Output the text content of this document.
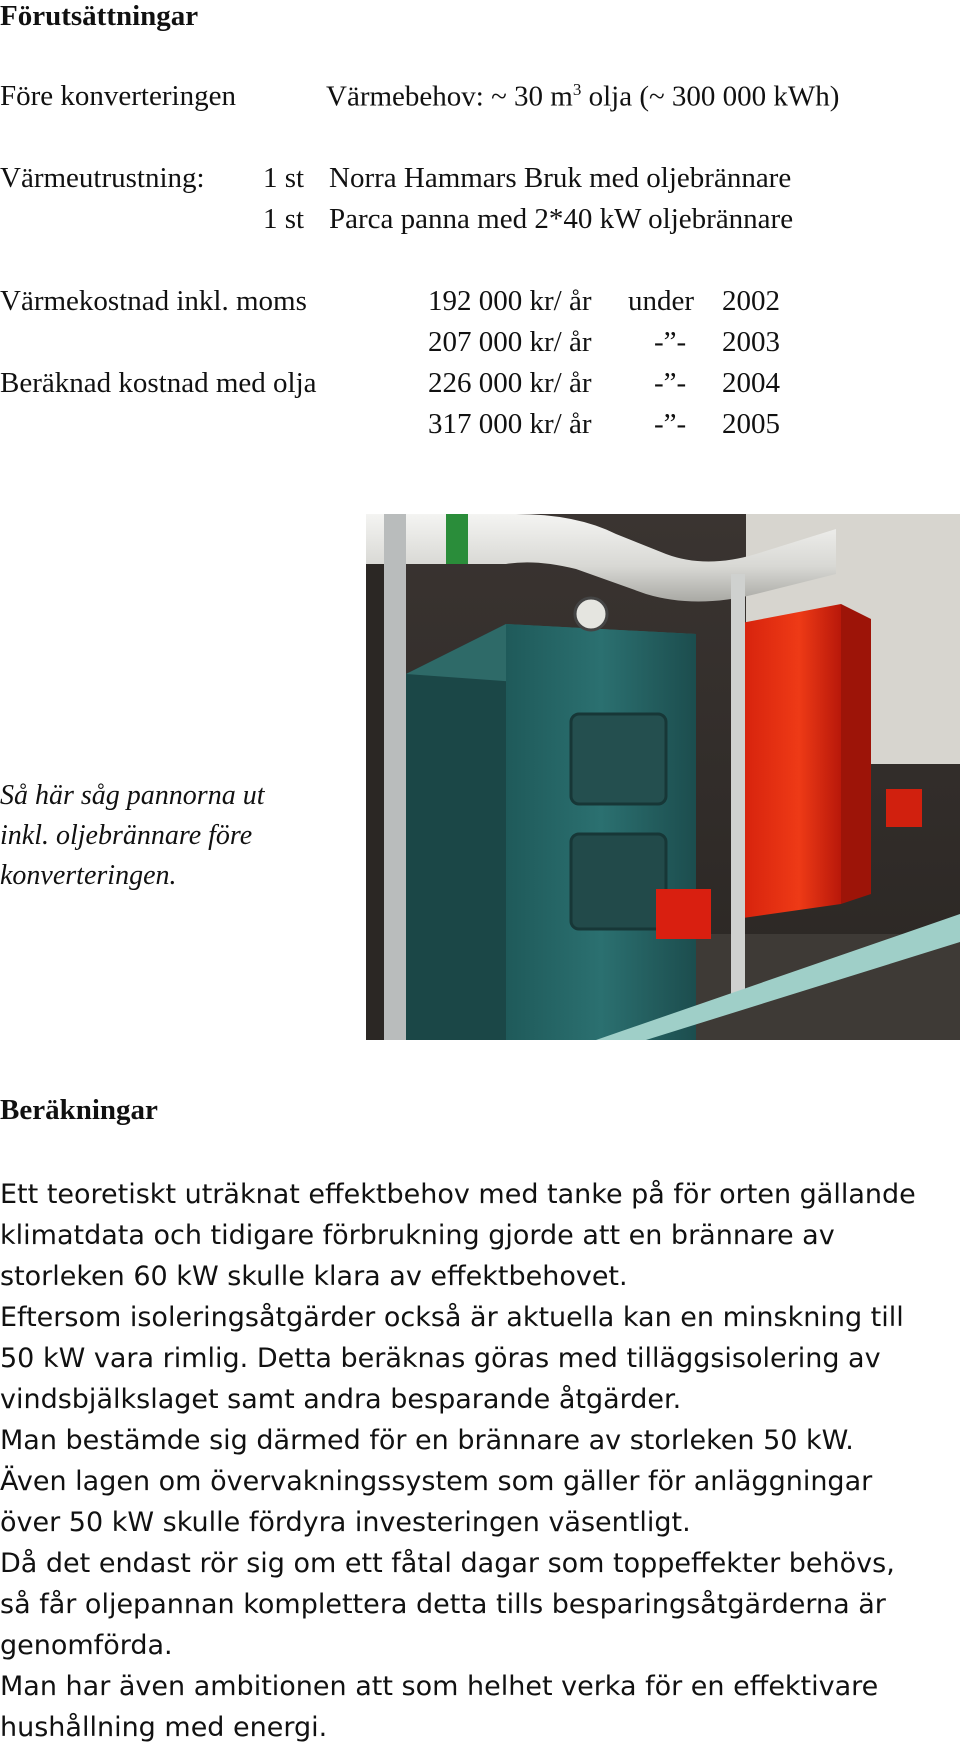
Förutsättningar
Före konverteringen	Värmebehov: ~ 30 $m^3$ olja (~ 300 000 kWh)
Värmeutrustning: 1 st Norra Hammars Bruk med oljebrännare
1 st Parca panna med 2*40 kW oljebrännare
Värmekostnad inkl. moms
Beräknad kostnad med olja
192 000 kr/ år under 2002
207 000 kr/ år -”- 2003
226 000 kr/ år -”- 2004
317 000 kr/ år -”- 2005
Så här såg pannorna ut
inkl. oljebrännare före
konverteringen.
Beräkningar
Ett teoretiskt uträknat effektbehov med tanke på för orten gällande
klimatdata och tidigare förbrukning gjorde att en brännare av
storleken 60 kW skulle klara av effektbehovet.
Eftersom isoleringsåtgärder också är aktuella kan en minskning till
50 kW vara rimlig. Detta beräknas göras med tilläggsisolering av
vindsbjälkslaget samt andra besparande åtgärder.
Man bestämde sig därmed för en brännare av storleken 50 kW.
Även lagen om övervakningssystem som gäller för anläggningar
över 50 kW skulle fördyra investeringen väsentligt.
Då det endast rör sig om ett fåtal dagar som toppeffekter behövs,
så får oljepannan komplettera detta tills besparingsåtgärderna är
genomförda.
Man har även ambitionen att som helhet verka för en effektivare
hushållning med energi.
